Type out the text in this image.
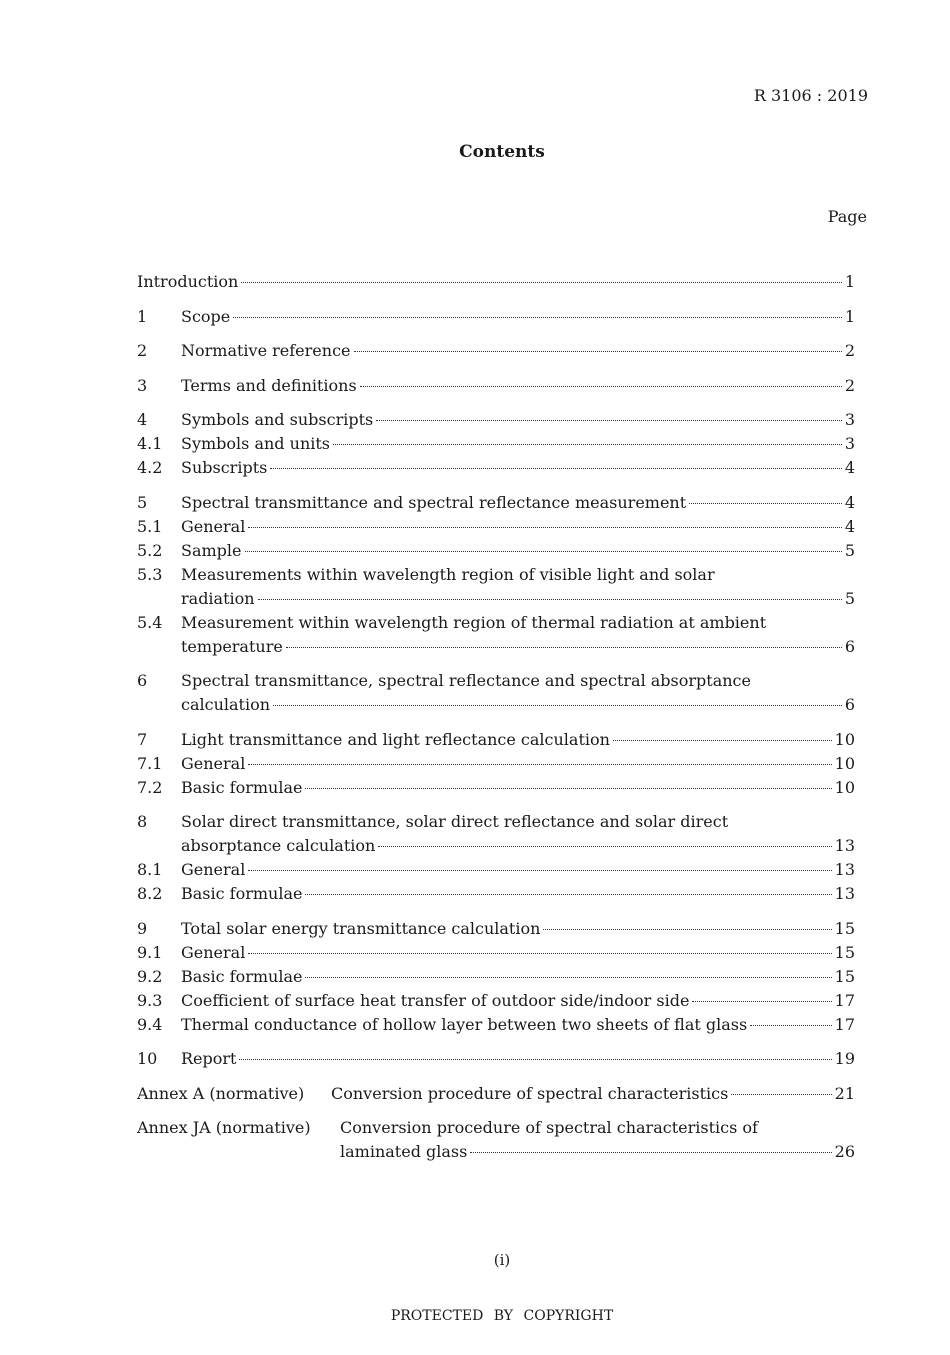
R 3106 : 2019
Contents
Page
Introduction	1
1 Scope	1
2 Normative reference	2
3 Terms and definitions	2
4 Symbols and subscripts	3
4.1 Symbols and units	3
4.2 Subscripts	4
5 Spectral transmittance and spectral reflectance measurement	4
5.1 General	4
5.2 Sample	5
5.3	Measurements within wavelength region of visible light and solar
radiation	5
5.4	Measurement within wavelength region of thermal radiation at ambient
temperature	6
6	Spectral transmittance, spectral reflectance and spectral absorptance
calculation	6
7 Light transmittance and light reflectance calculation	10
7.1 General	10
7.2 Basic formulae	10
8	Solar direct transmittance, solar direct reflectance and solar direct
absorptance calculation	13
8.1 General	13
8.2 Basic formulae	13
9 Total solar energy transmittance calculation	15
9.1 General	15
9.2 Basic formulae	15
9.3 Coefficient of surface heat transfer of outdoor side/indoor side	17
9.4 Thermal conductance of hollow layer between two sheets of flat glass	17
10 Report	19
Annex A (normative) Conversion procedure of spectral characteristics	21
Annex JA (normative)	Conversion procedure of spectral characteristics of
laminated glass	26
(i)
PROTECTED BY COPYRIGHT
